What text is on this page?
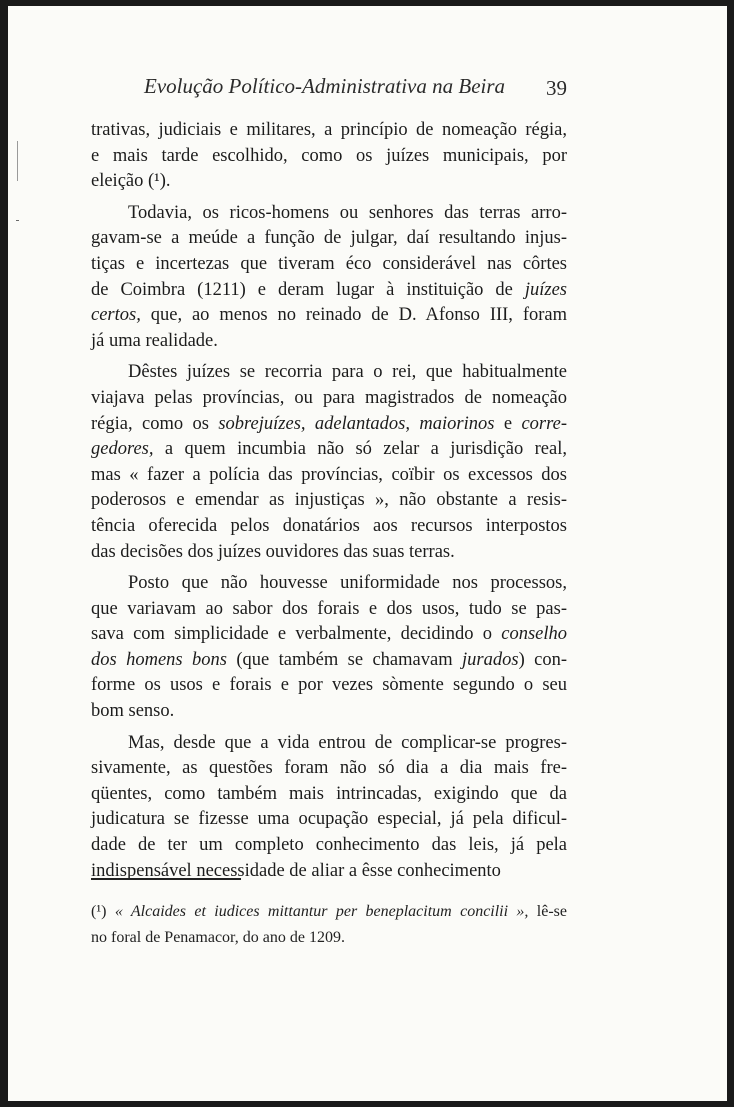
Evolução Político-Administrativa na Beira 39
trativas, judiciais e militares, a princípio de nomeação régia,
e mais tarde escolhido, como os juízes municipais, por
eleição (¹).
Todavia, os ricos-homens ou senhores das terras arro-
gavam-se a meúde a função de julgar, daí resultando injus-
tiças e incertezas que tiveram éco considerável nas côrtes
de Coimbra (1211) e deram lugar à instituição de juízes
certos, que, ao menos no reinado de D. Afonso III, foram
já uma realidade.
Dêstes juízes se recorria para o rei, que habitualmente
viajava pelas províncias, ou para magistrados de nomeação
régia, como os sobrejuízes, adelantados, maiorinos e corre-
gedores, a quem incumbia não só zelar a jurisdição real,
mas « fazer a polícia das províncias, coïbir os excessos dos
poderosos e emendar as injustiças », não obstante a resis-
tência oferecida pelos donatários aos recursos interpostos
das decisões dos juízes ouvidores das suas terras.
Posto que não houvesse uniformidade nos processos,
que variavam ao sabor dos forais e dos usos, tudo se pas-
sava com simplicidade e verbalmente, decidindo o conselho
dos homens bons (que também se chamavam jurados) con-
forme os usos e forais e por vezes sòmente segundo o seu
bom senso.
Mas, desde que a vida entrou de complicar-se progres-
sivamente, as questões foram não só dia a dia mais fre-
qüentes, como também mais intrincadas, exigindo que da
judicatura se fizesse uma ocupação especial, já pela dificul-
dade de ter um completo conhecimento das leis, já pela
indispensável necessidade de aliar a êsse conhecimento
(¹) « Alcaides et iudices mittantur per beneplacitum concilii », lê-se
no foral de Penamacor, do ano de 1209.
